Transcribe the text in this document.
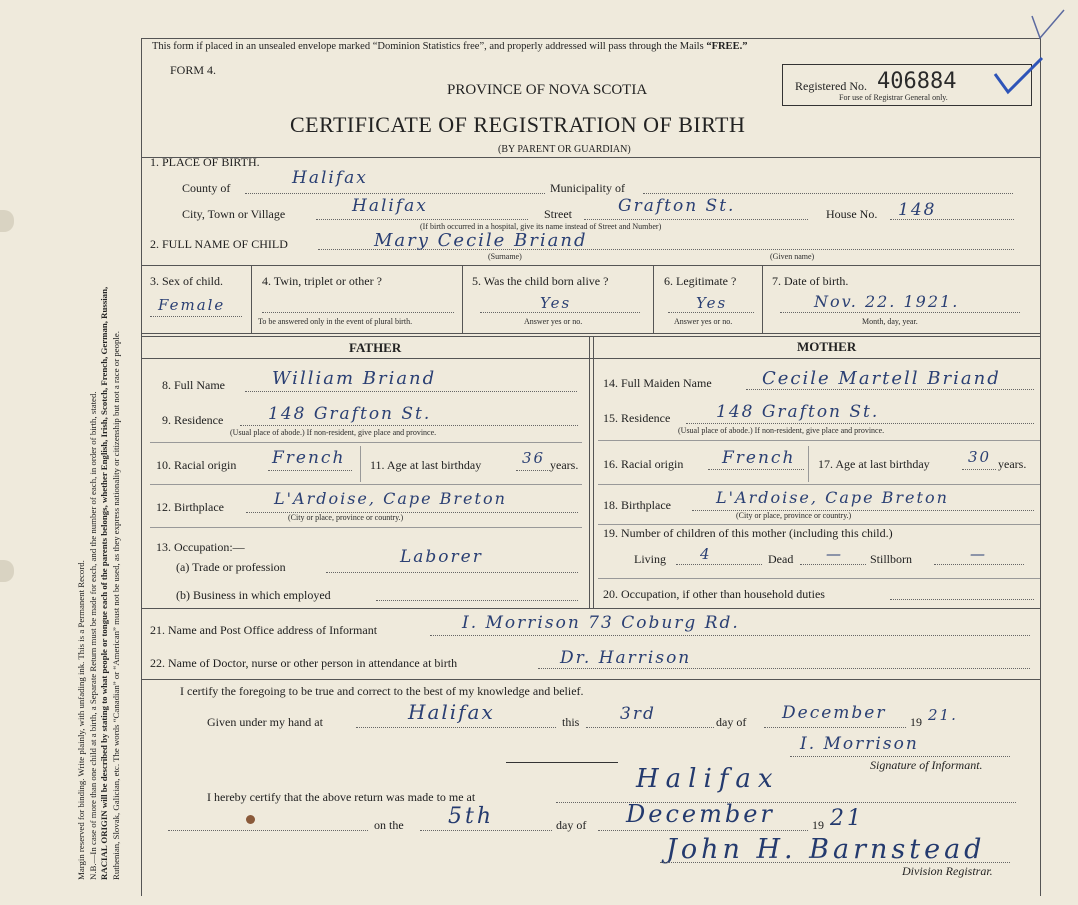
Margin reserved for binding. Write plainly, with unfading ink. This is a Permanent Record. N.B.—In case of more than one child at a birth, a Separate Return must be made for each, and the number of each, in order of birth, stated. RACIAL ORIGIN will be described by stating to what people or tongue each of the parents belongs, whether English, Irish, Scotch, French, German, Russian, Ruthenian, Slovak, Galician, etc. The words “Canadian” or “American” must not be used, as they express nationality or citizenship but not a race or people.
This form if placed in an unsealed envelope marked “Dominion Statistics free”, and properly addressed will pass through the Mails “FREE.”
FORM 4.
PROVINCE OF NOVA SCOTIA
CERTIFICATE OF REGISTRATION OF BIRTH
(BY PARENT OR GUARDIAN)
Registered No. 406884
For use of Registrar General only.
1. PLACE OF BIRTH.
County of	Halifax	Municipality of
City, Town or Village	Halifax	Street	Grafton St.	House No. 148
(If birth occurred in a hospital, give its name instead of Street and Number)
2. FULL NAME OF CHILD	Mary Cecile Briand
(Surname)	(Given name)
3. Sex of child.
Female
4. Twin, triplet or other ?
To be answered only in the event of plural birth.
5. Was the child born alive ?
Yes
Answer yes or no.
6. Legitimate ?
Yes
Answer yes or no.
7. Date of birth.
Nov. 22. 1921.
Month, day, year.
FATHER	MOTHER
8. Full Name	William Briand
9. Residence	148 Grafton St.
(Usual place of abode.) If non-resident, give place and province.
10. Racial origin French 11. Age at last birthday	36 years.
12. Birthplace	L'Ardoise, Cape Breton
(City or place, province or country.)
13. Occupation:—
(a) Trade or profession	Laborer
(b) Business in which employed
14. Full Maiden Name	Cecile Martell Briand
15. Residence	148 Grafton St.
(Usual place of abode.) If non-resident, give place and province.
16. Racial origin French 17. Age at last birthday	30 years.
18. Birthplace	L'Ardoise, Cape Breton
(City or place, province or country.)
19. Number of children of this mother (including this child.)
Living 4	Dead — Stillborn	—
20. Occupation, if other than household duties
21. Name and Post Office address of Informant	I. Morrison 73 Coburg Rd.
22. Name of Doctor, nurse or other person in attendance at birth	Dr. Harrison
I certify the foregoing to be true and correct to the best of my knowledge and belief.
Given under my hand at	Halifax	this 3rd	day of December 19 21.
I. Morrison
Signature of Informant.
I hereby certify that the above return was made to me at
Halifax
on the 5th	day of December	19 21
John H. Barnstead
Division Registrar.
